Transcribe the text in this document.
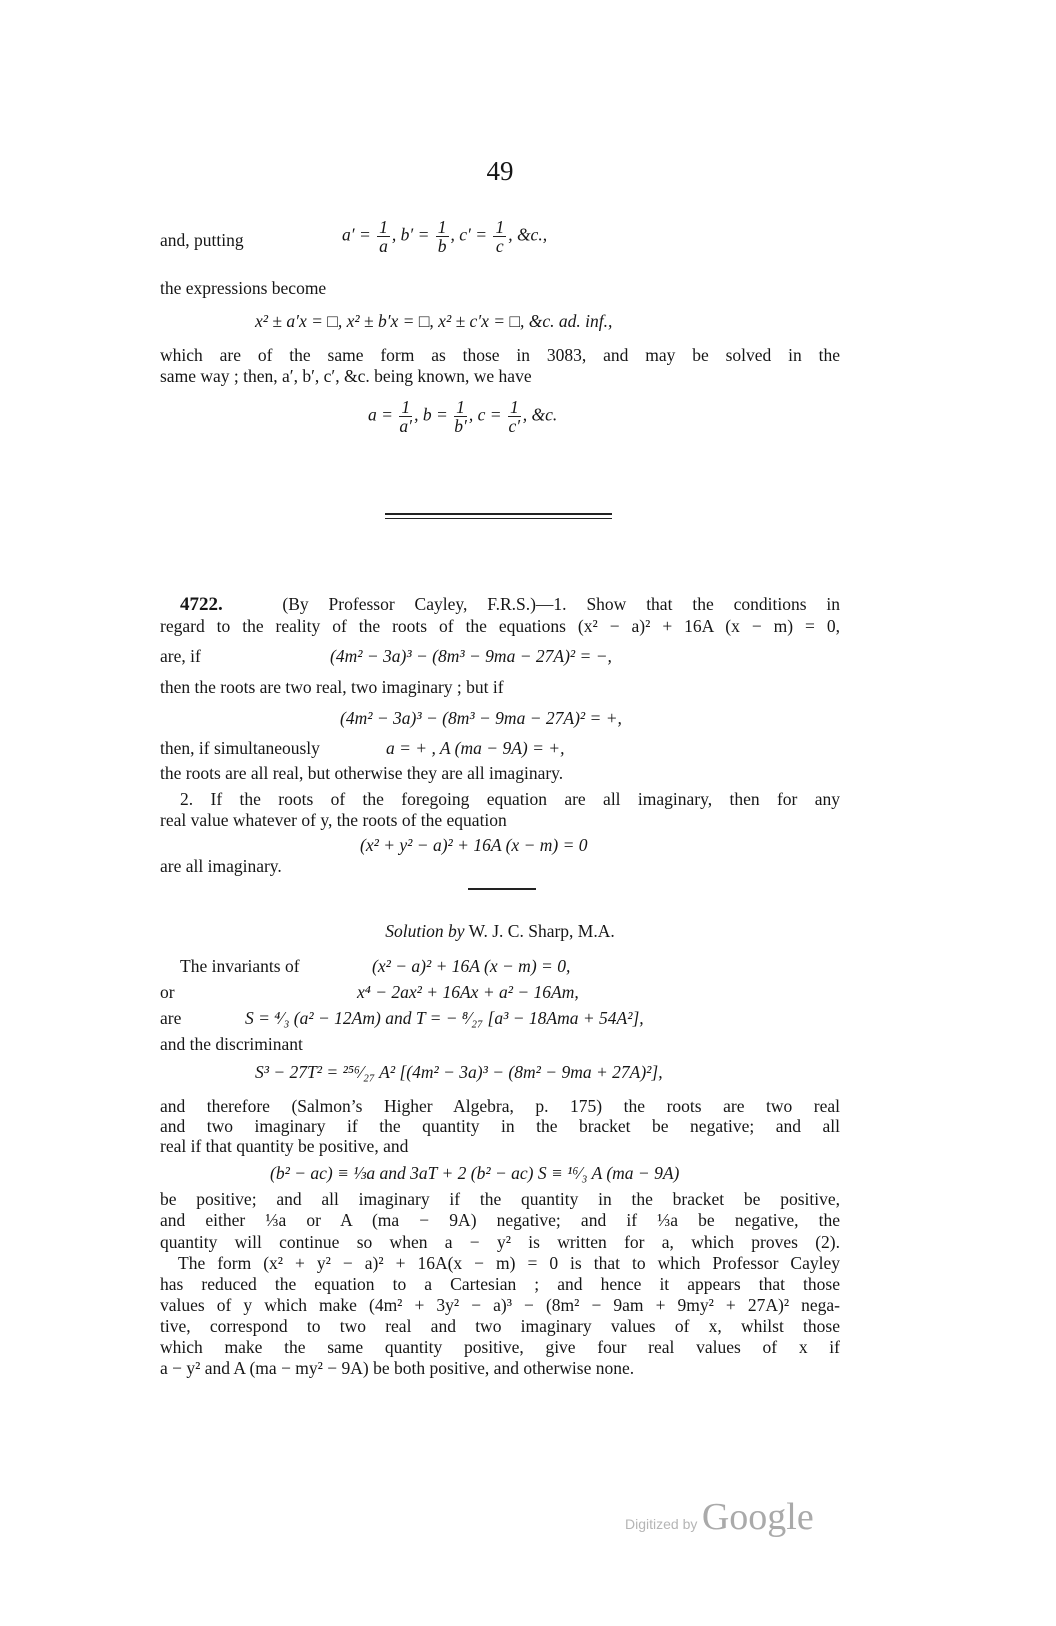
49
and, putting	$a' = \frac{1}{a}$ , $b' = \frac{1}{b}$ , $c' = \frac{1}{c}$ , &c.,
the expressions become
x² ± a′x = □, x² ± b′x = □, x² ± c′x = □, &c. ad. inf.,
which are of the same form as those in 3083, and may be solved in the
same way ; then, a′, b′, c′, &c. being known, we have
$a = \frac{1}{a'}$ , $b = \frac{1}{b'}$ , $c = \frac{1}{c'}$ , &c.
4722.	(By Professor Cayley, F.R.S.)—1. Show that the conditions in
regard to the reality of the roots of the equations (x² − a)² + 16A (x − m) = 0,
are, if	(4m² − 3a)³ − (8m³ − 9ma − 27A)² = −,
then the roots are two real, two imaginary ; but if
(4m² − 3a)³ − (8m³ − 9ma − 27A)² = +,
then, if simultaneously	a = + , A (ma − 9A) = +,
the roots are all real, but otherwise they are all imaginary.
2. If the roots of the foregoing equation are all imaginary, then for any
real value whatever of y, the roots of the equation
(x² + y² − a)² + 16A (x − m) = 0
are all imaginary.
Solution by W. J. C. Sharp, M.A.
The invariants of	(x² − a)² + 16A (x − m) = 0,
or	x⁴ − 2ax² + 16Ax + a² − 16Am,
are	S = ⁴⁄₃ (a² − 12Am) and T = − ⁸⁄₂₇ [a³ − 18Ama + 54A²],
and the discriminant
S³ − 27T² = ²⁵⁶⁄₂₇ A² [(4m² − 3a)³ − (8m² − 9ma + 27A)²],
and therefore (Salmon’s Higher Algebra, p. 175) the roots are two real
and two imaginary if the quantity in the bracket be negative; and all
real if that quantity be positive, and
(b² − ac) ≡ ⅓a and 3aT + 2 (b² − ac) S ≡ ¹⁶⁄₃ A (ma − 9A)
be positive; and all imaginary if the quantity in the bracket be positive,
and either ⅓a or A (ma − 9A) negative; and if ⅓a be negative, the
quantity will continue so when a − y² is written for a, which proves (2).
The form (x² + y² − a)² + 16A(x − m) = 0 is that to which Professor Cayley
has reduced the equation to a Cartesian ; and hence it appears that those
values of y which make (4m² + 3y² − a)³ − (8m² − 9am + 9my² + 27A)² nega-
tive, correspond to two real and two imaginary values of x, whilst those
which make the same quantity positive, give four real values of x if
a − y² and A (ma − my² − 9A) be both positive, and otherwise none.
Digitized by Google
